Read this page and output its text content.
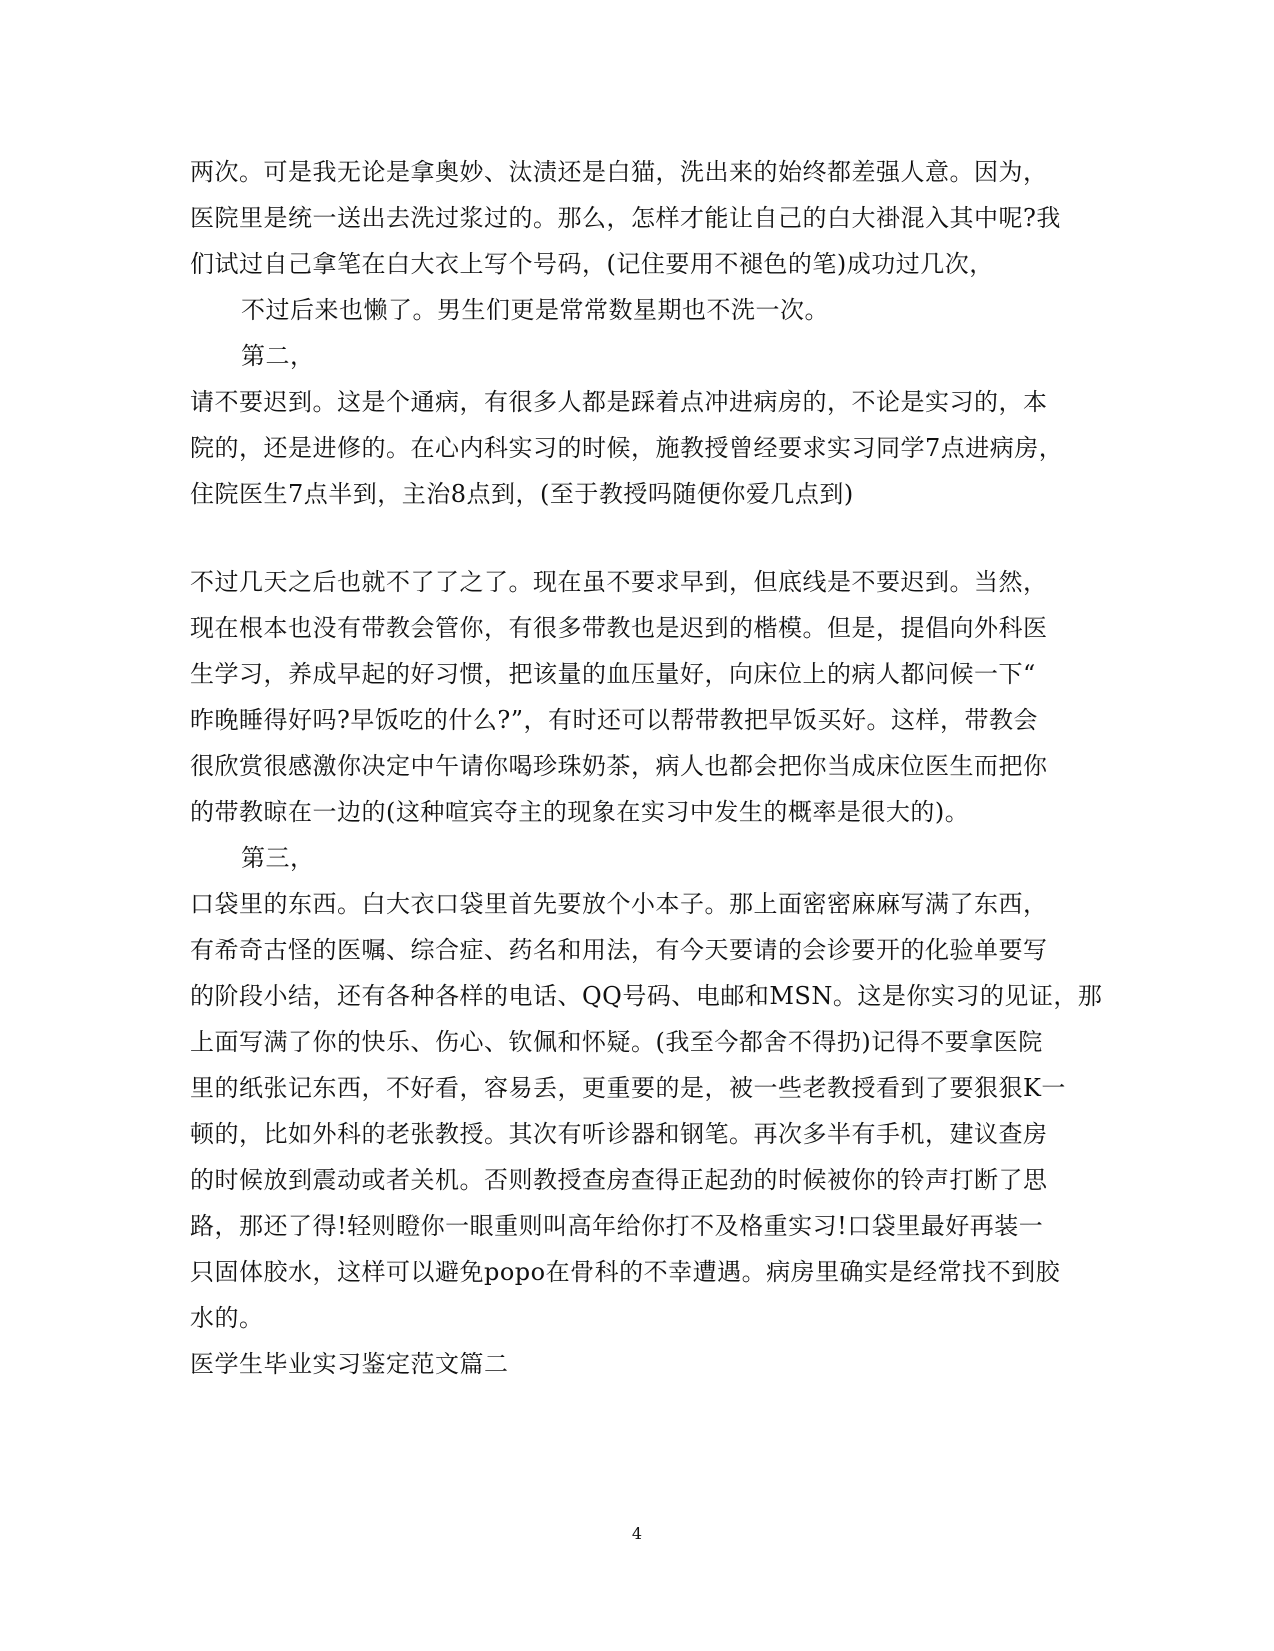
两次。可是我无论是拿奥妙、汰渍还是白猫，洗出来的始终都差强人意。因为，
医院里是统一送出去洗过浆过的。那么，怎样才能让自己的白大褂混入其中呢?我
们试过自己拿笔在白大衣上写个号码，(记住要用不褪色的笔)成功过几次，
不过后来也懒了。男生们更是常常数星期也不洗一次。
第二，
请不要迟到。这是个通病，有很多人都是踩着点冲进病房的，不论是实习的，本
院的，还是进修的。在心内科实习的时候，施教授曾经要求实习同学7点进病房，
住院医生7点半到，主治8点到，(至于教授吗随便你爱几点到)
不过几天之后也就不了了之了。现在虽不要求早到，但底线是不要迟到。当然，
现在根本也没有带教会管你，有很多带教也是迟到的楷模。但是，提倡向外科医
生学习，养成早起的好习惯，把该量的血压量好，向床位上的病人都问候一下“
昨晚睡得好吗?早饭吃的什么?”，有时还可以帮带教把早饭买好。这样，带教会
很欣赏很感激你决定中午请你喝珍珠奶茶，病人也都会把你当成床位医生而把你
的带教晾在一边的(这种喧宾夺主的现象在实习中发生的概率是很大的)。
第三，
口袋里的东西。白大衣口袋里首先要放个小本子。那上面密密麻麻写满了东西，
有希奇古怪的医嘱、综合症、药名和用法，有今天要请的会诊要开的化验单要写
的阶段小结，还有各种各样的电话、QQ号码、电邮和MSN。这是你实习的见证，那
上面写满了你的快乐、伤心、钦佩和怀疑。(我至今都舍不得扔)记得不要拿医院
里的纸张记东西，不好看，容易丢，更重要的是，被一些老教授看到了要狠狠K一
顿的，比如外科的老张教授。其次有听诊器和钢笔。再次多半有手机，建议查房
的时候放到震动或者关机。否则教授查房查得正起劲的时候被你的铃声打断了思
路，那还了得!轻则瞪你一眼重则叫高年给你打不及格重实习!口袋里最好再装一
只固体胶水，这样可以避免popo在骨科的不幸遭遇。病房里确实是经常找不到胶
水的。
医学生毕业实习鉴定范文篇二
4
